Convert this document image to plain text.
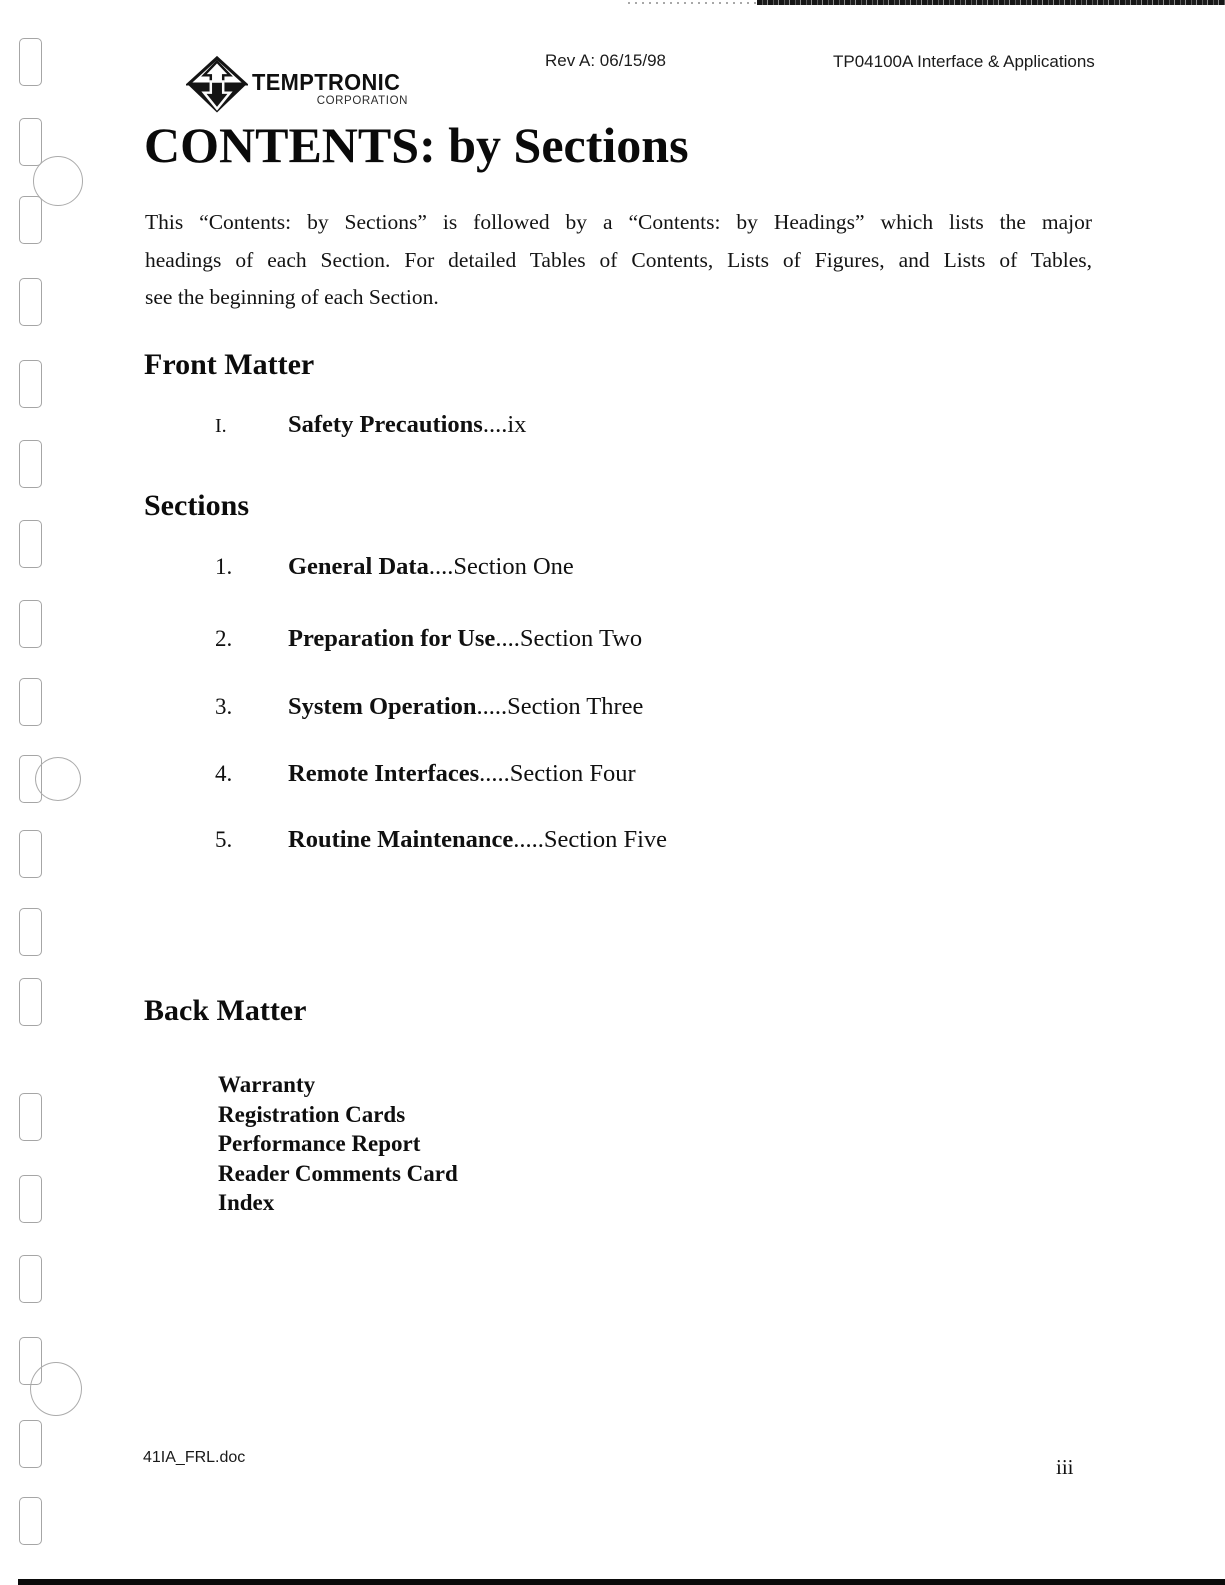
TEMPTRONIC
CORPORATION
Rev A: 06/15/98	TP04100A Interface & Applications
CONTENTS: by Sections
This “Contents: by Sections” is followed by a “Contents: by Headings” which lists the major
headings of each Section. For detailed Tables of Contents, Lists of Figures, and Lists of Tables,
see the beginning of each Section.
Front Matter
I.	Safety Precautions....ix
Sections
1. General Data....Section One
2. Preparation for Use....Section Two
3. System Operation.....Section Three
4. Remote Interfaces.....Section Four
5. Routine Maintenance.....Section Five
Back Matter
Warranty
Registration Cards
Performance Report
Reader Comments Card
Index
41IA_FRL.doc	iii
